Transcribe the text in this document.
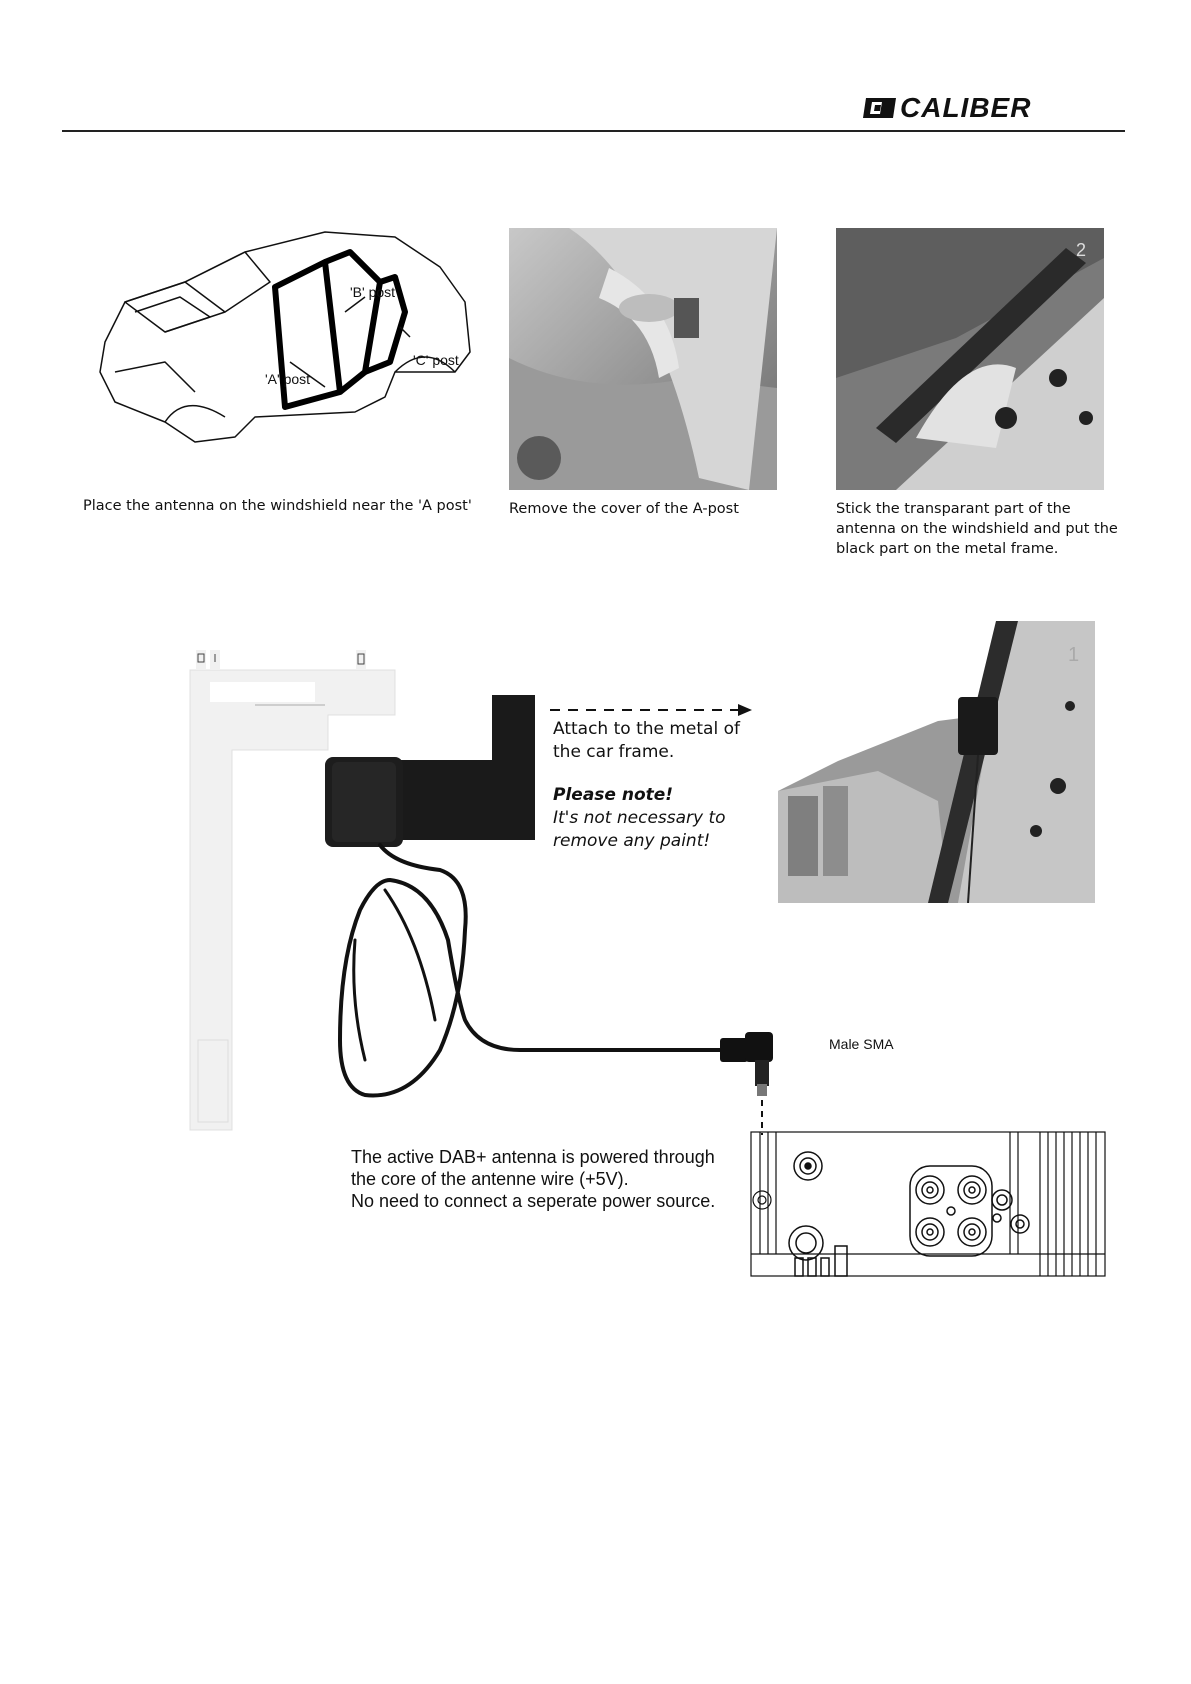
CALIBER
'A' post
'B' post
'C' post
Place the antenna on the windshield near the 'A post'	Remove the cover of the A-post
2
Stick the transparant part of the
antenna on the windshield and put the
black part on the metal frame.
Attach to the metal of
the car frame.
Please note!
It's not necessary to
remove any paint!
1
Male SMA
The active DAB+ antenna is powered through
the core of the antenne wire (+5V).
No need to connect a seperate power source.
